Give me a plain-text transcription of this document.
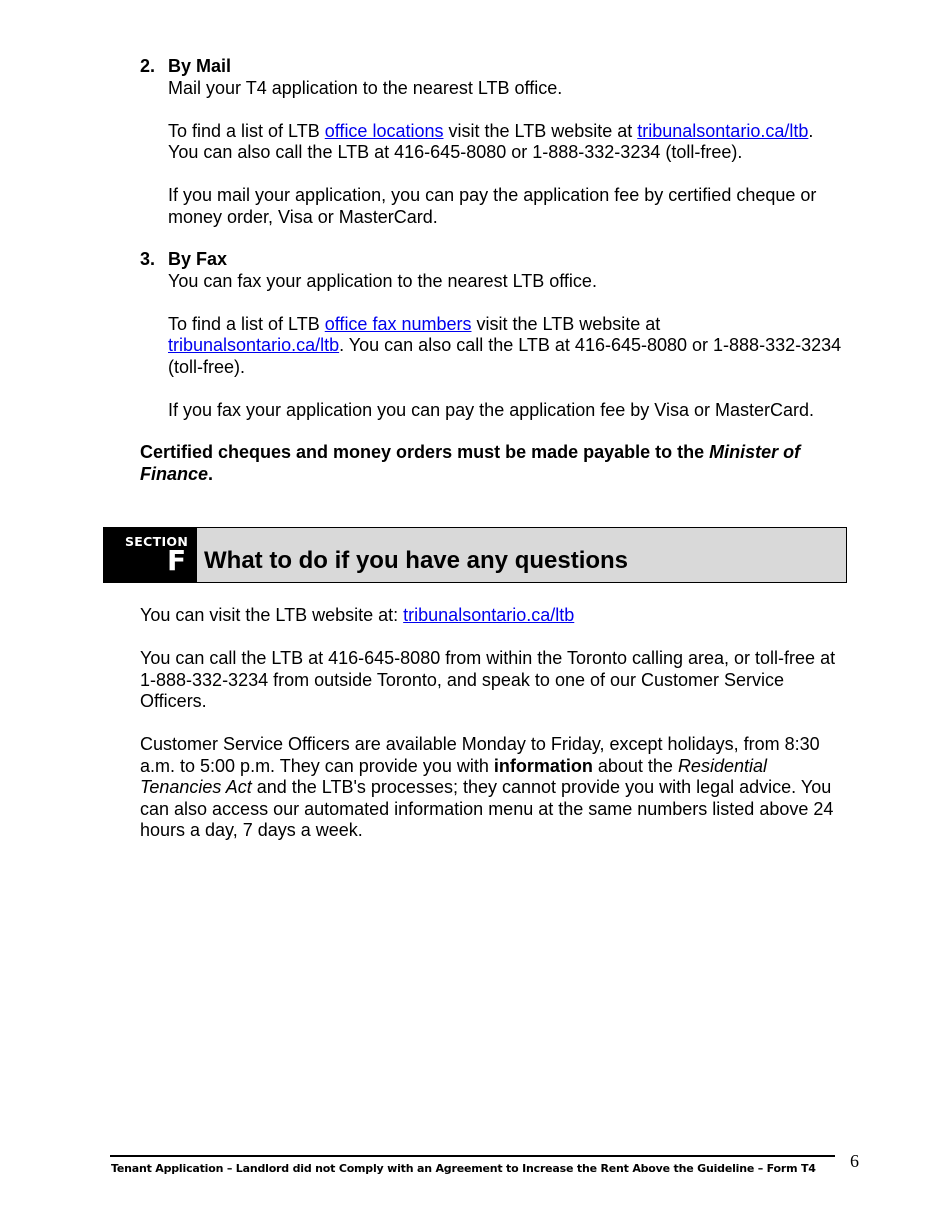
2. By Mail

Mail your T4 application to the nearest LTB office.

To find a list of LTB office locations visit the LTB website at tribunalsontario.ca/ltb.
You can also call the LTB at 416-645-8080 or 1-888-332-3234 (toll-free).

If you mail your application, you can pay the application fee by certified cheque or money order, Visa or MasterCard.

3. By Fax

You can fax your application to the nearest LTB office.

To find a list of LTB office fax numbers visit the LTB website at
tribunalsontario.ca/ltb. You can also call the LTB at 416-645-8080 or 1-888-332-3234 (toll-free).

If you fax your application you can pay the application fee by Visa or MasterCard.

Certified cheques and money orders must be made payable to the Minister of Finance.

SECTION
F What to do if you have any questions

You can visit the LTB website at: tribunalsontario.ca/ltb

You can call the LTB at 416-645-8080 from within the Toronto calling area, or toll-free at 1-888-332-3234 from outside Toronto, and speak to one of our Customer Service Officers.

Customer Service Officers are available Monday to Friday, except holidays, from 8:30 a.m. to 5:00 p.m. They can provide you with information about the Residential Tenancies Act and the LTB's processes; they cannot provide you with legal advice. You can also access our automated information menu at the same numbers listed above 24 hours a day, 7 days a week.

Tenant Application – Landlord did not Comply with an Agreement to Increase the Rent Above the Guideline – Form T4 6
